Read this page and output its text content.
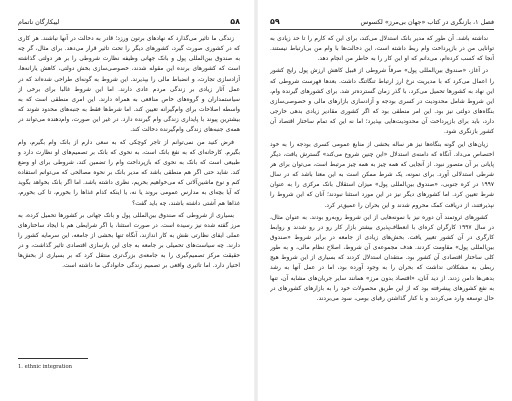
۵۸
لیبکارگان ناتمام

زندگی ما تاثیر می‌گذارد که نهادهای برتون ورزد؛ قادر به دخالت در آنها نباشند. هر کاری که در کشوری صورت گیرد، کشورهای دیگر را تحت تاثیر قرار می‌دهد. برای مثال، گر چه به صندوق بین‌المللی پول و بانک جهانی وظیفه نظارت شروطی را بر هر دولتی گذاشته است که کشورهای برنده این مقوله شدند، خصوصی‌سازی بخش دولتی، کاهش یارانه‌ها، آزادسازی تجارت، و انضباط مالی را بپذیرند. این شروط به گونه‌ای طراحی شده‌اند که در عمل آثار زیادی بر زندگی مردم عادی دارند. اما این شروط غالبا برای برخی از سیاستمداران و گروه‌های خاص منافعی به همراه دارند. این امری منطقی است که به واسطه اصلاحات برای وام‌گیرانه تعیین کند. اما شرط‌ها فقط به جنبه‌های محدود شوند که بیشترین پیوند با پایداری زندگی وام گیرنده دارد. در غیر این صورت، وام‌دهنده می‌تواند در همه‌ی جنبه‌های زندگی وام‌گیرنده دخالت کند.

فرض کنید من نمی‌توانم از تاجر کوچکی که به سعی دارم از بانک وام بگیرم، وام بگیرم. کارخانه‌ای که به نفع بانک است، به نحوی که بانک بر تصمیم‌های او نظارت دارد و طبیعی است که بانک به نحوی که بازپرداخت وام را تضمین کند، شروطی برای او وضع کند. شاید حتی اگر هم منطقی باشد که مدیر بانک بر نحوه مصالحی که می‌توانم استفاده کنم و نوع ماشین‌آلاتی که می‌خواهیم بخریم، نظری داشته باشد. اما اگر بانک بخواهد بگوید که آیا بچه‌ای به مدارس عمومی بروند یا نه، یا اینکه کدام غذاها را بخورم، تا کی بخورم، غذاها هم آشتی داشته باشند، چه باید گفت؟

بسیاری از شروطی که صندوق بین‌المللی پول و بانک جهانی بر کشورها تحمیل کرده، به مرز گفته شده نیز رسیده است. در صورت استثنا، یا اگر شرایطی هم با ایجاد ساختارهای عملی ایفای نظارتی نقش به کار اندازند، آنگاه تنها بخشی از جامعه، این سرمایه کشور را دارند. چه سیاست‌های تحمیلی بر جامعه به جای این بازسازی اقتصادی تاثیر گذاشت، و در حقیقت مرکز تصمیم‌گیری را به جامعه‌ی بزرگ‌تری منتقل کرد که بر بسیاری از بخش‌ها اختیار دارد. اما تاثیری واقعی بر تصمیم زندگی خانوادگی ما داشته است.

1. ethnic integration
فصل ۱، بازنگری در کتاب «جهان بی‌مرز» لکسوس
۵۹

نداشته باشد. آن طور که مدیر بانک استدلال می‌کند، برای این که کارم را تا حد زیادی به توانایی من در بازپرداخت وام ربط داشته است، این دخالت‌ها با وام من بی‌ارتباط نیستند. آنجا که کسب کرده‌ام، می‌دانم که او این کار را به خاطر من انجام دهد.

در آغاز، «صندوق بین‌المللی پول» صرفاً شروطی از قبیل کاهش ارزش پول رایج کشور را اعمال می‌کرد که با مدیریت نرخ ارز ارتباط تنگاتنگ داشت. بعدها فهرست شروطی که این نهاد به کشورها تحمیل می‌کرد، با گذر زمان گسترده‌تر شد. برای کشورهای گیرنده وام، این شروط شامل محدودیت در کسری بودجه و آزادسازی بازارهای مالی و خصوصی‌سازی بنگاه‌های دولتی نیز بود. این امر منطقی بود که اگر کشوری مقادیر زیادی بدهی خارجی دارد، باید برای بازپرداخت آن محدودیت‌هایی بپذیرد؛ اما نه این که تمام ساختار اقتصاد آن کشور بازنگری شود.

زیان‌های این گونه بنگاه‌ها نیز هر ساله بخشی از منابع عمومی کسری بودجه را به خود اختصاص می‌داد. آنگاه که دامنه‌ی استدلال «این چنین شروع می‌کند» گسترش یافت، دیگر پایانی بر آن متصور نبود. از آنجایی که همه چیز به همه چیز مرتبط است، می‌توان برای هر شرطی استدلالی آورد. برای نمونه، یک شرط ممکن است به این معنا باشد که در سال ۱۹۹۷ در کره جنوبی، «صندوق بین‌المللی پول» میزان استقلال بانک مرکزی را به عنوان شرط تعیین کرد. اما کشورهای دیگر نیز در این مورد استثنا نبودند؛ آنان که این شروط را نپذیرفتند، از دریافت کمک محروم شدند و این بحران را عمیق‌تر کرد.

کشورهای ثروتمند آن دوره نیز با نمونه‌هایی از این شروط روبه‌رو بودند. به عنوان مثال، در سال ۱۹۹۷ کارگران کره‌ای با انعطاف‌پذیری بیشتر بازار کار رو در رو شدند و روابط کارگری در آن کشور تغییر یافت. بخش‌های زیادی از جامعه در برابر شروط «صندوق بین‌المللی پول» مقاومت کردند. هدف مجموعه‌ی آن شروط، اصلاح نظام مالی، و به طور کلی ساختار اقتصادی آن کشور بود. منتقدان استدلال کردند که بسیاری از این شروط هیچ ربطی به مشکلاتی نداشت که بحران را به وجود آورده بود، اما در عمل آنها به رشد بدهی‌ها دامن زدند. از دید آنان، «اقتصاد بدون مرز» همانند سایر جریان‌های مشابه آن، تنها به نفع کشورهای پیشرفته بود که از این طریق محصولات خود را به بازارهای کشورهای در حال توسعه وارد می‌کردند و با کنار گذاشتن رقبای بومی، سود می‌بردند.
